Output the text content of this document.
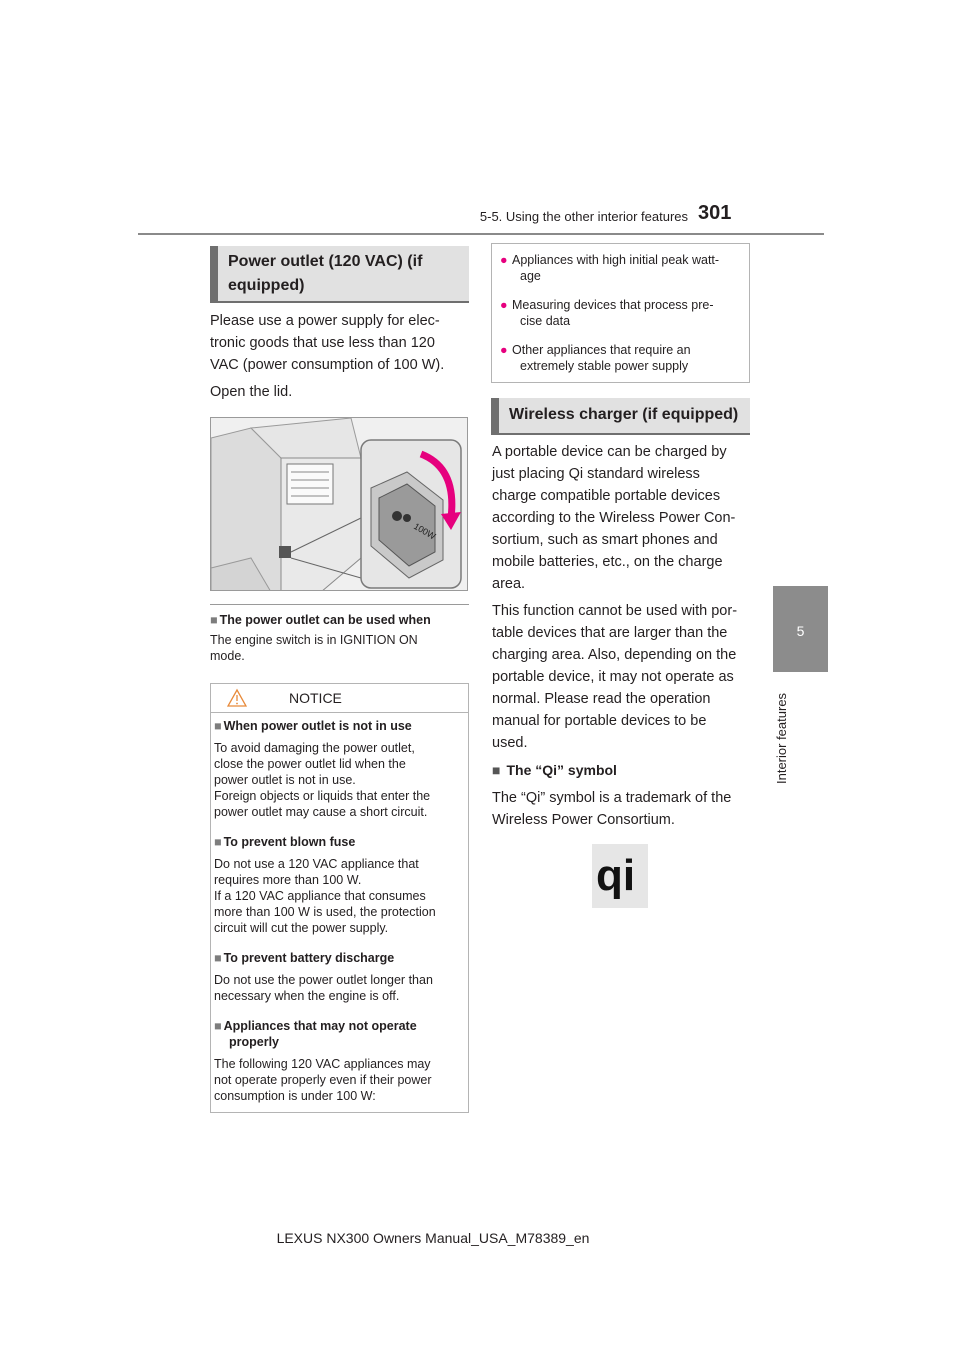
5-5. Using the other interior features 301
5
Interior features
Power outlet (120 VAC) (if
equipped)
Please use a power supply for elec-
tronic goods that use less than 120
VAC (power consumption of 100 W).
Open the lid.
100W
■ The power outlet can be used when
The engine switch is in IGNITION ON
mode.
NOTICE
■ When power outlet is not in use
To avoid damaging the power outlet,
close the power outlet lid when the
power outlet is not in use.
Foreign objects or liquids that enter the
power outlet may cause a short circuit.
■ To prevent blown fuse
Do not use a 120 VAC appliance that
requires more than 100 W.
If a 120 VAC appliance that consumes
more than 100 W is used, the protection
circuit will cut the power supply.
■ To prevent battery discharge
Do not use the power outlet longer than
necessary when the engine is off.
■ Appliances that may not operate
properly
The following 120 VAC appliances may
not operate properly even if their power
consumption is under 100 W:
● Appliances with high initial peak watt-
age
● Measuring devices that process pre-
cise data
● Other appliances that require an
extremely stable power supply
Wireless charger (if equipped)
A portable device can be charged by
just placing Qi standard wireless
charge compatible portable devices
according to the Wireless Power Con-
sortium, such as smart phones and
mobile batteries, etc., on the charge
area.
This function cannot be used with por-
table devices that are larger than the
charging area. Also, depending on the
portable device, it may not operate as
normal. Please read the operation
manual for portable devices to be
used.
■ The “Qi” symbol
The “Qi” symbol is a trademark of the
Wireless Power Consortium.
qi
LEXUS NX300 Owners Manual_USA_M78389_en
